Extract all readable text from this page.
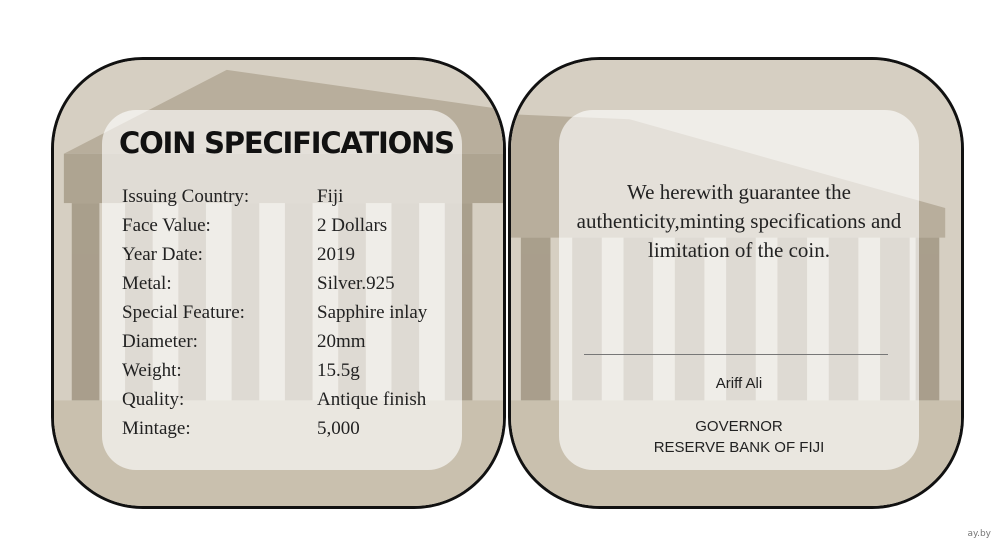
COIN SPECIFICATIONS
Issuing Country:	Fiji
Face Value:	2 Dollars
Year Date:	2019
Metal:	Silver.925
Special Feature:	Sapphire inlay
Diameter:	20mm
Weight:	15.5g
Quality:	Antique finish
Mintage:	5,000
We herewith guarantee the authenticity,minting specifications and limitation of the coin.
Ariff Ali
GOVERNOR
RESERVE BANK OF FIJI
ay.by
